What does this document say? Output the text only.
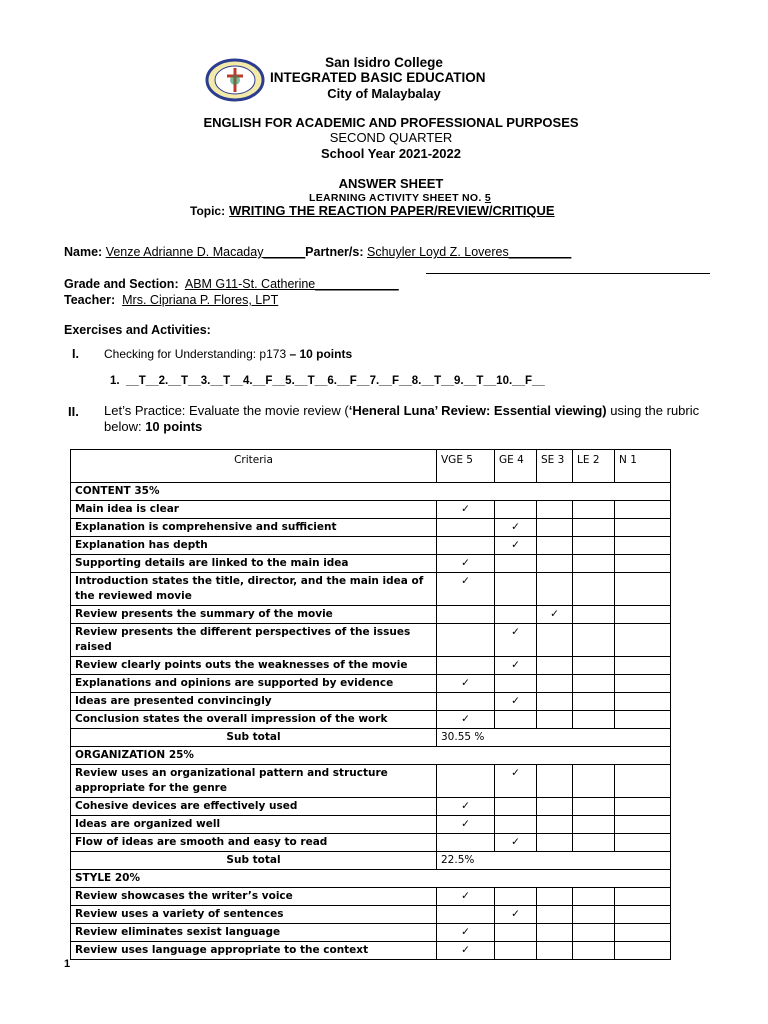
San Isidro College
INTEGRATED BASIC EDUCATION
City of Malaybalay
ENGLISH FOR ACADEMIC AND PROFESSIONAL PURPOSES
SECOND QUARTER
School Year 2021-2022
ANSWER SHEET
LEARNING ACTIVITY SHEET NO. 5
Topic: WRITING THE REACTION PAPER/REVIEW/CRITIQUE
Name: Venze Adrianne D. Macaday______Partner/s: Schuyler Loyd Z. Loveres_________
Grade and Section: ABM G11-St. Catherine____________
Teacher: Mrs. Cipriana P. Flores, LPT
Exercises and Activities:
I. Checking for Understanding: p173 – 10 points
1.  __T__2.__T__3.__T__4.__F__5.__T__6.__F__7.__F__8.__T__9.__T__10.__F__
II. Let’s Practice: Evaluate the movie review (‘Heneral Luna’ Review: Essential viewing) using the rubric below: 10 points
Criteria	VGE 5	GE 4	SE 3	LE 2	N 1
CONTENT 35%					
Main idea is clear	✓				
Explanation is comprehensive and sufficient		✓			
Explanation has depth		✓			
Supporting details are linked to the main idea	✓				
Introduction states the title, director, and the main idea of the reviewed movie	✓				
Review presents the summary of the movie			✓		
Review presents the different perspectives of the issues raised		✓			
Review clearly points outs the weaknesses of the movie		✓			
Explanations and opinions are supported by evidence	✓				
Ideas are presented convincingly		✓			
Conclusion states the overall impression of the work	✓				
Sub total	30.55 %				
ORGANIZATION 25%					
Review uses an organizational pattern and structure appropriate for the genre		✓			
Cohesive devices are effectively used	✓				
Ideas are organized well	✓				
Flow of ideas are smooth and easy to read		✓			
Sub total	22.5%				
STYLE 20%					
Review showcases the writer’s voice	✓				
Review uses a variety of sentences		✓			
Review eliminates sexist language	✓				
Review uses language appropriate to the context	✓				
1
